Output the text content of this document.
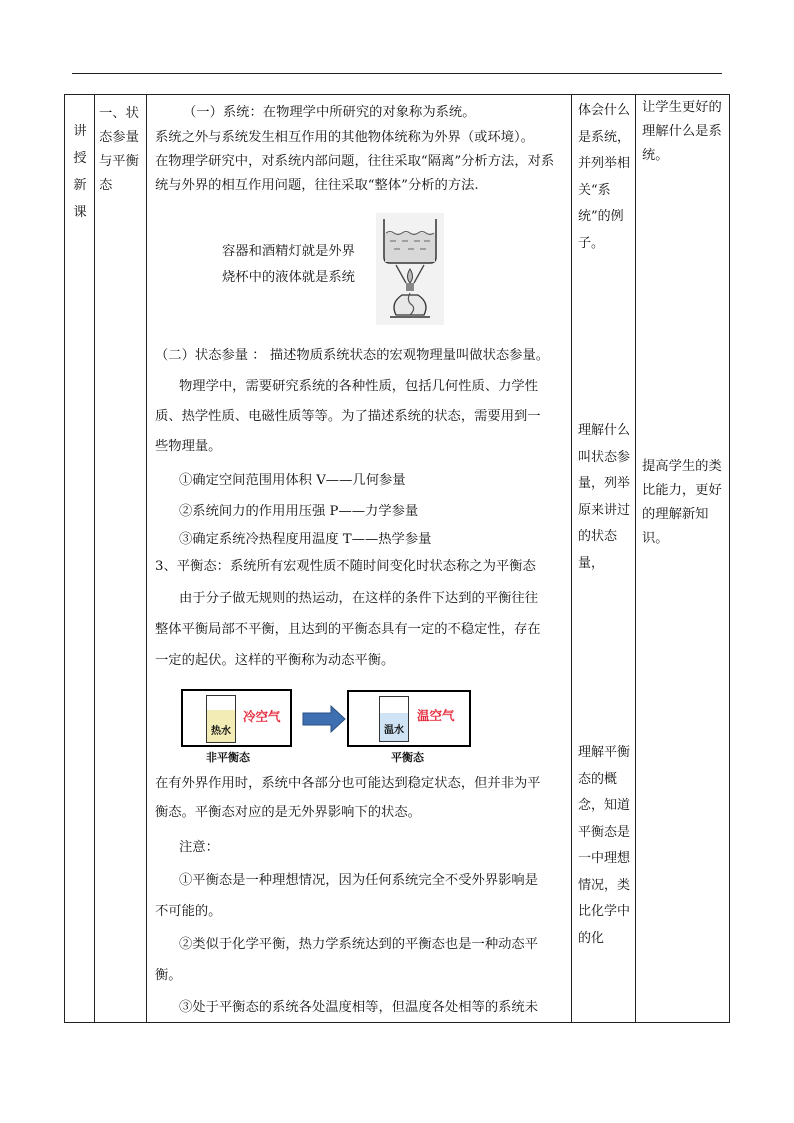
讲授新课
一、状态参量与平衡态

（一）系统：在物理学中所研究的对象称为系统。

系统之外与系统发生相互作用的其他物体统称为外界（或环境）。

在物理学研究中，对系统内部问题，往往采取“隔离”分析方法，对系

统与外界的相互作用问题，往往采取“整体”分析的方法.

（二）状态参量 ： 描述物质系统状态的宏观物理量叫做状态参量。

物理学中，需要研究系统的各种性质，包括几何性质、力学性

质、热学性质、电磁性质等等。为了描述系统的状态，需要用到一

些物理量。

①确定空间范围用体积 V——几何参量

②系统间力的作用用压强 P——力学参量

③确定系统冷热程度用温度 T——热学参量

3、平衡态：系统所有宏观性质不随时间变化时状态称之为平衡态

由于分子做无规则的热运动，在这样的条件下达到的平衡往往

整体平衡局部不平衡，且达到的平衡态具有一定的不稳定性，存在

一定的起伏。这样的平衡称为动态平衡。

在有外界作用时，系统中各部分也可能达到稳定状态，但并非为平

衡态。平衡态对应的是无外界影响下的状态。

注意：

①平衡态是一种理想情况，因为任何系统完全不受外界影响是

不可能的。

②类似于化学平衡，热力学系统达到的平衡态也是一种动态平

衡。

③处于平衡态的系统各处温度相等，但温度各处相等的系统未

容器和酒精灯就是外界
烧杯中的液体就是系统
热水
冷空气
非平衡态
温水
温空气
平衡态
体会什么是系统，并列举相关“系统”的例子。
理解什么叫状态参量，列举原来讲过的状态量，
理解平衡态的概念，知道平衡态是一中理想情况，类比化学中的化
让学生更好的理解什么是系统。
提高学生的类比能力，更好的理解新知识。
